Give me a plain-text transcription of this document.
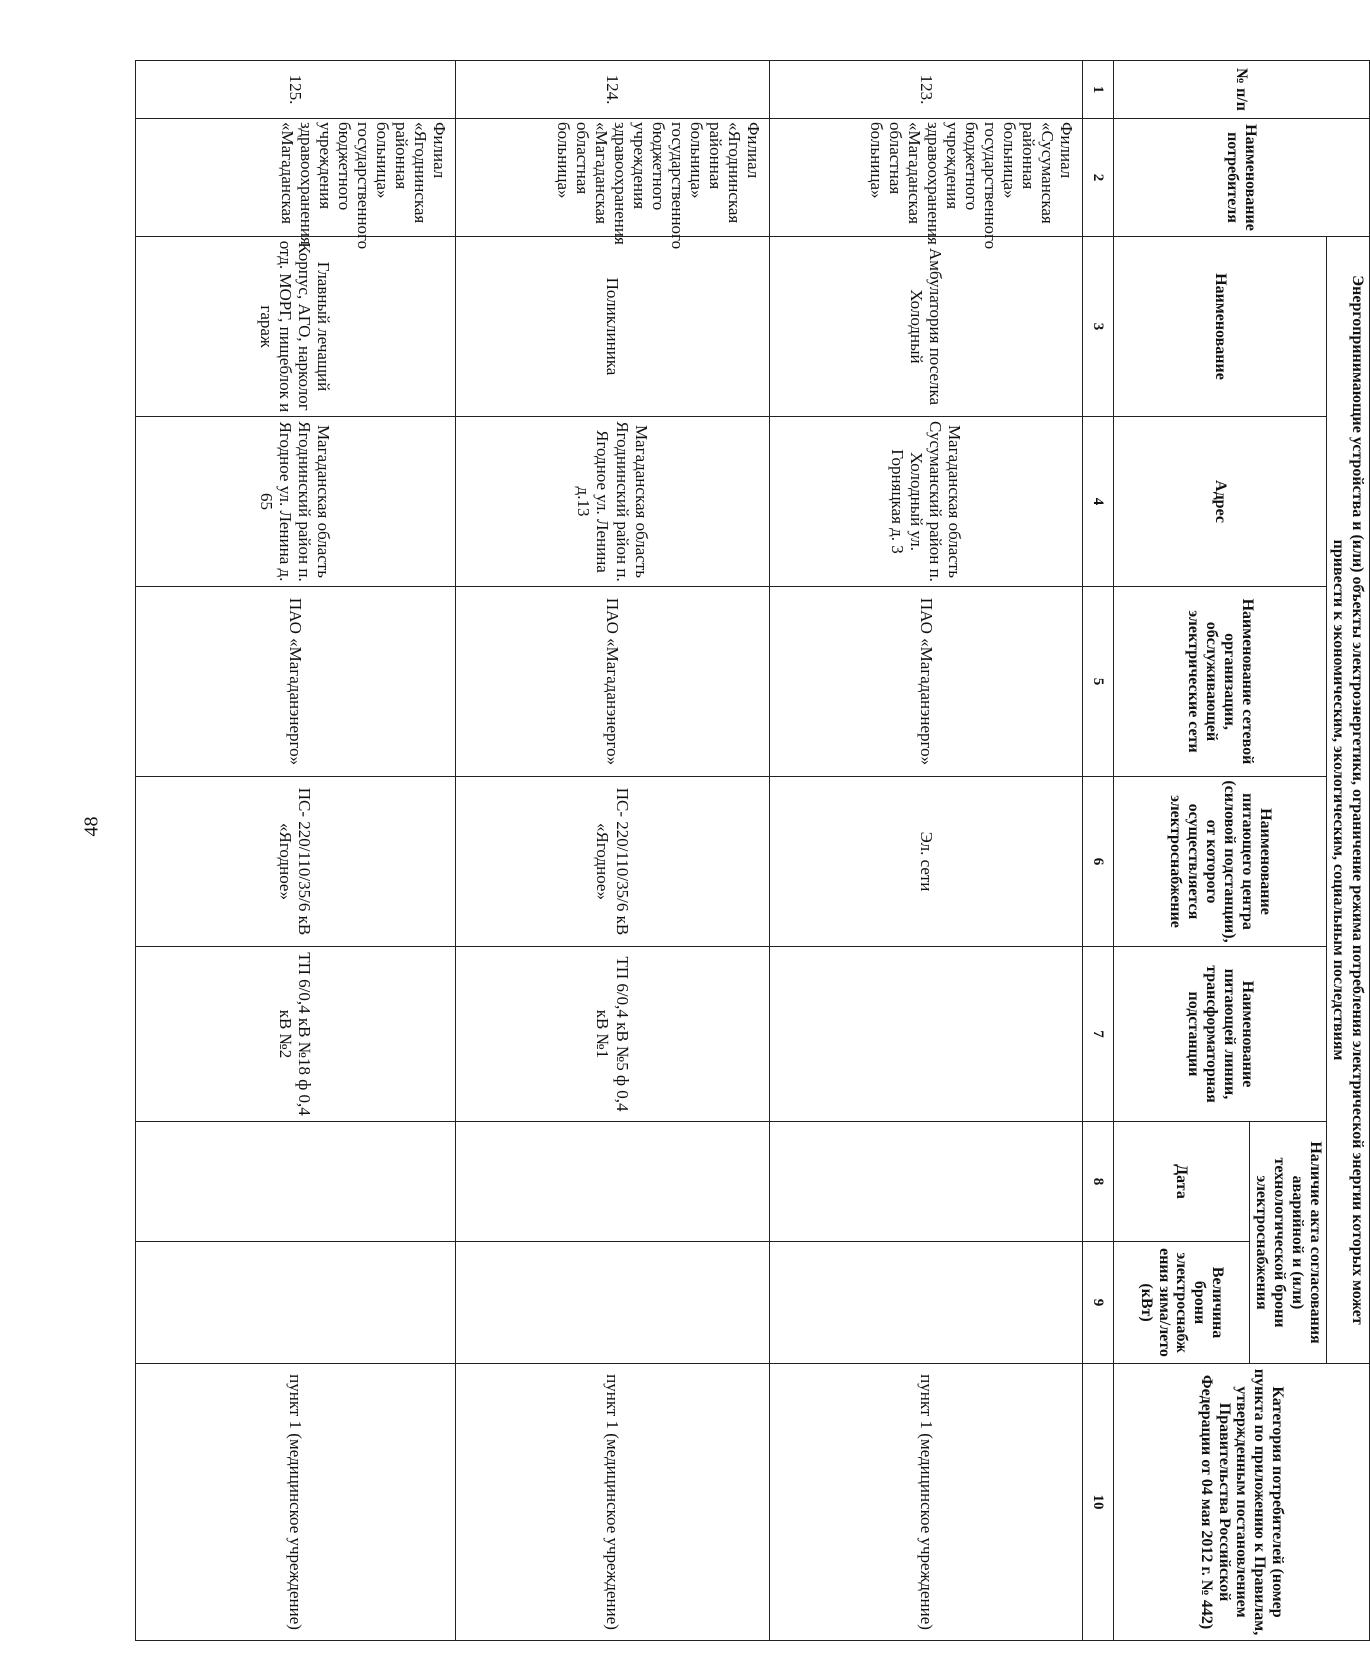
48
№ п/п	Наименование потребителя	Энергопринимающие устройства и (или) объекты электроэнергетики, ограничение режима потребления электрической энергии которых может привести к экономическим, экологическим, социальным последствиям							Категория потребителей (номер пункта по приложению к Правилам, утвержденным постановлением Правительства Российской Федерации от 04 мая 2012 г. № 442)
		Наименование	Адрес	Наименование сетевой организации, обслуживающей электрические сети	Наименование питающего центра (силовой подстанции), от которого осуществляется электроснабжение	Наименование питающей линии, трансформаторная подстанции	Наличие акта согласования аварийной и (или) технологической брони электроснабжения		
							Дата	Величина брони электроснабж ения зима/лето (кВт)	
1	2	3	4	5	6	7	8	9	10
123.	Филиал «Сусуманская районная больница» государственного бюджетного учреждения здравоохранения «Магаданская областная больница»	Амбулатория поселка Холодный	Магаданская область Сусуманский район п. Холодный ул. Горняцкая д. 3	ПАО «Магаданэнерго»	Эл. сети				пункт 1 (медицинское учреждение)
124.	Филиал «Ягоднинская районная больница» государственного бюджетного учреждения здравоохранения «Магаданская областная больница»	Поликлиника	Магаданская область Ягоднинский район п. Ягодное ул. Ленина д.13	ПАО «Магаданэнерго»	ПС- 220/110/35/6 кВ «Ягодное»	ТП 6/0,4 кВ №5 ф 0,4 кВ №1			пункт 1 (медицинское учреждение)
125.	Филиал «Ягоднинская районная больница» государственного бюджетного учреждения здравоохранения «Магаданская	Главный лечащий Корпус, АГО, нарколог отд. МОРГ, пищеблок и гараж	Магаданская область Ягоднинский район п. Ягодное ул. Ленина д. 65	ПАО «Магаданэнерго»	ПС- 220/110/35/6 кВ «Ягодное»	ТП 6/0,4 кВ №18 ф 0,4 кВ №2			пункт 1 (медицинское учреждение)
